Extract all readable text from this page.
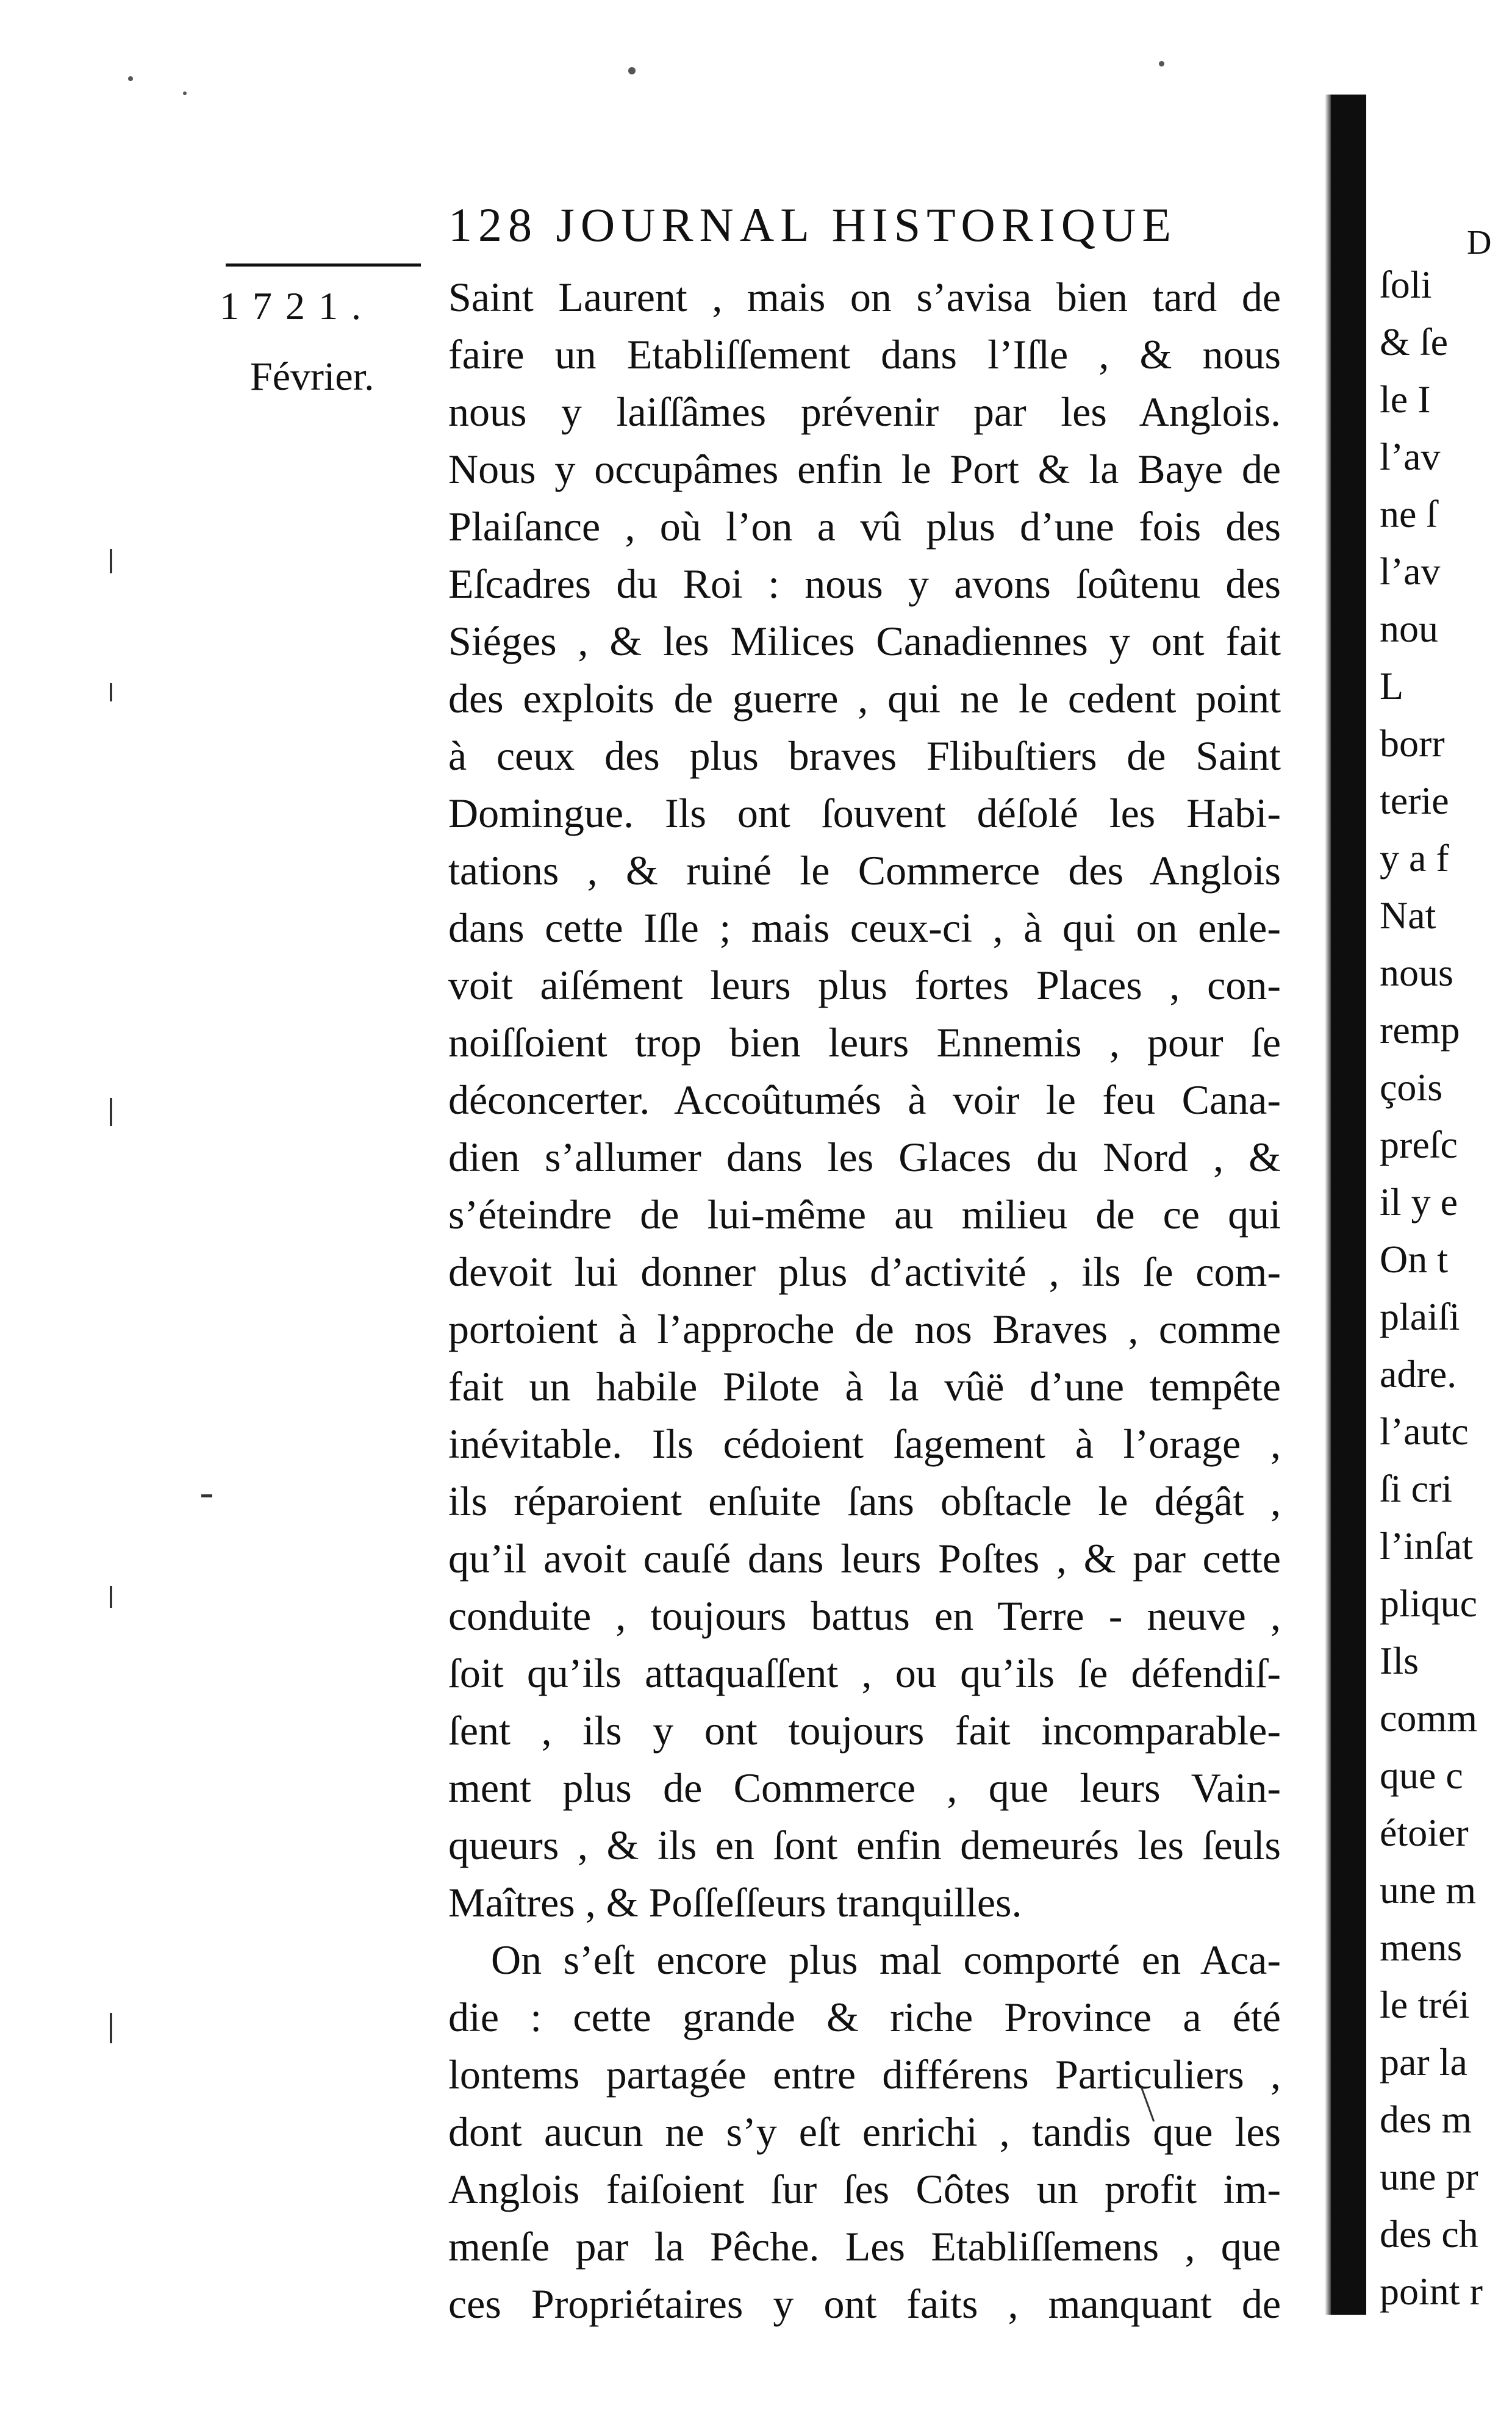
128 JOURNAL HISTORIQUE
1721.
Février.
Saint Laurent , mais on s’avisa bien tard de
faire un Etabliſſement dans l’Iſle , & nous
nous y laiſſâmes prévenir par les Anglois.
Nous y occupâmes enfin le Port & la Baye de
Plaiſance , où l’on a vû plus d’une fois des
Eſcadres du Roi : nous y avons ſoûtenu des
Siéges , & les Milices Canadiennes y ont fait
des exploits de guerre , qui ne le cedent point
à ceux des plus braves Flibuſtiers de Saint
Domingue. Ils ont ſouvent déſolé les Habi-
tations , & ruiné le Commerce des Anglois
dans cette Iſle ; mais ceux-ci , à qui on enle-
voit aiſément leurs plus fortes Places , con-
noiſſoient trop bien leurs Ennemis , pour ſe
déconcerter. Accoûtumés à voir le feu Cana-
dien s’allumer dans les Glaces du Nord , &
s’éteindre de lui-même au milieu de ce qui
devoit lui donner plus d’activité , ils ſe com-
portoient à l’approche de nos Braves , comme
fait un habile Pilote à la vûë d’une tempête
inévitable. Ils cédoient ſagement à l’orage ,
ils réparoient enſuite ſans obſtacle le dégât ,
qu’il avoit cauſé dans leurs Poſtes , & par cette
conduite , toujours battus en Terre - neuve ,
ſoit qu’ils attaquaſſent , ou qu’ils ſe défendiſ-
ſent , ils y ont toujours fait incomparable-
ment plus de Commerce , que leurs Vain-
queurs , & ils en ſont enfin demeurés les ſeuls
Maîtres , & Poſſeſſeurs tranquilles.
On s’eſt encore plus mal comporté en Aca-
die : cette grande & riche Province a été
lontems partagée entre différens Particuliers ,
dont aucun ne s’y eſt enrichi , tandis que les
Anglois faiſoient ſur ſes Côtes un profit im-
menſe par la Pêche. Les Etabliſſemens , que
ces Propriétaires y ont faits , manquant de
D
ſoli
& ſe
le I
l’av
ne ſ
l’av
nou
L
borr
terie
y a f
Nat
nous
remp
çois
preſc
il y e
On t
plaiſi
adre.
l’autc
ſi cri
l’inſat
pliquc
Ils
comm
que c
étoier
une m
mens
le tréi
par la
des m
une pr
des ch
point r
